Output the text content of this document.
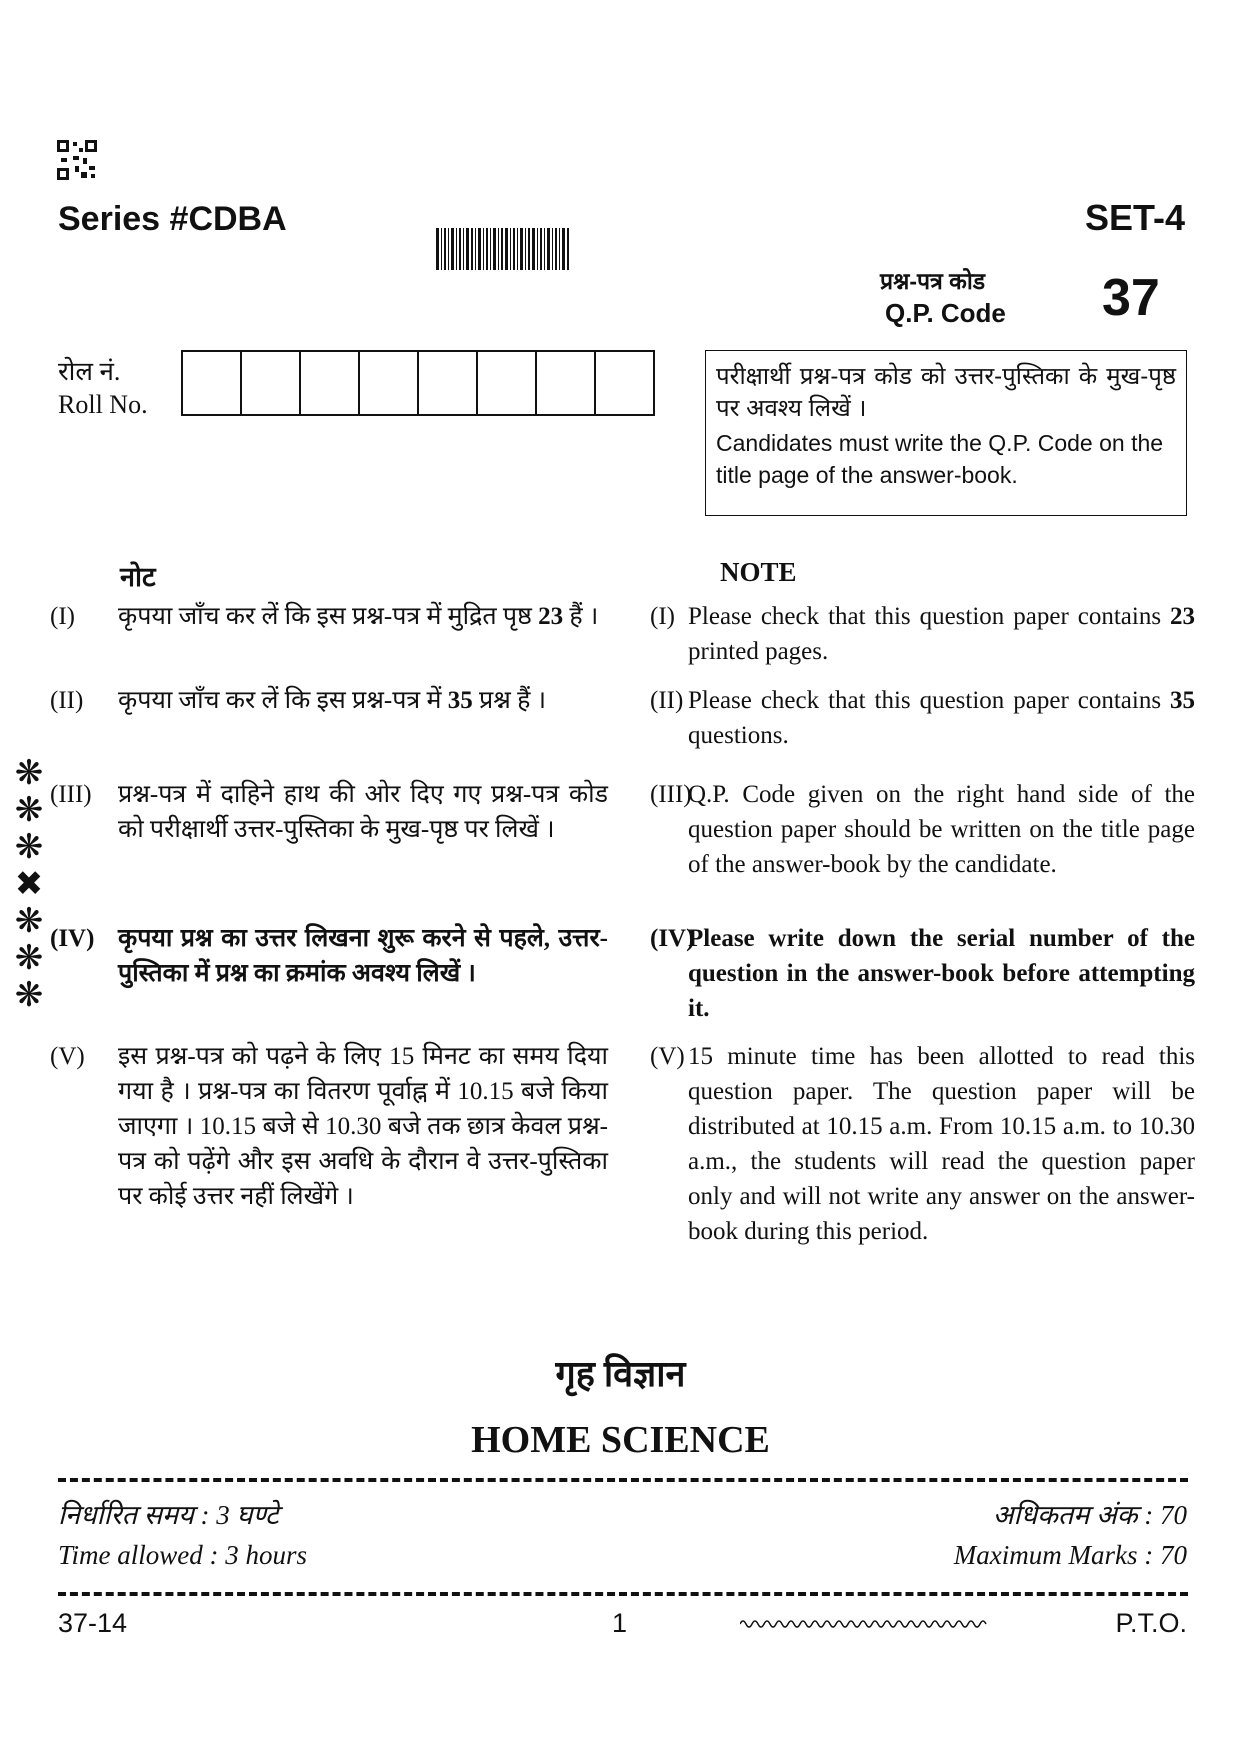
Series #CDBA	SET-4
प्रश्न-पत्र कोड
Q.P. Code 37
रोल नं.
Roll No.
परीक्षार्थी प्रश्न-पत्र कोड को उत्तर-पुस्तिका के मुख-पृष्ठ पर अवश्य लिखें ।
Candidates must write the Q.P. Code on the title page of the answer-book.
❋
❋
❋
✖
❋
❋
❋
नोट
(I)	कृपया जाँच कर लें कि इस प्रश्न-पत्र में मुद्रित पृष्ठ 23 हैं ।
(II)	कृपया जाँच कर लें कि इस प्रश्न-पत्र में 35 प्रश्न हैं ।
(III)	प्रश्न-पत्र में दाहिने हाथ की ओर दिए गए प्रश्न-पत्र कोड को परीक्षार्थी उत्तर-पुस्तिका के मुख-पृष्ठ पर लिखें ।
(IV) कृपया प्रश्न का उत्तर लिखना शुरू करने से पहले, उत्तर-पुस्तिका में प्रश्न का क्रमांक अवश्य लिखें ।
(V)	इस प्रश्न-पत्र को पढ़ने के लिए 15 मिनट का समय दिया गया है । प्रश्न-पत्र का वितरण पूर्वाह्न में 10.15 बजे किया जाएगा । 10.15 बजे से 10.30 बजे तक छात्र केवल प्रश्न-पत्र को पढ़ेंगे और इस अवधि के दौरान वे उत्तर-पुस्तिका पर कोई उत्तर नहीं लिखेंगे ।
NOTE
(I) Please check that this question paper contains 23 printed pages.
(II) Please check that this question paper contains 35 questions.
(III)
Q.P. Code given on the right hand side of the question paper should be written on the title page of the answer-book by the candidate.
(IV)
Please write down the serial number of the question in the answer-book before attempting it.
(V) 15 minute time has been allotted to read this question paper. The question paper will be distributed at 10.15 a.m. From 10.15 a.m. to 10.30 a.m., the students will read the question paper only and will not write any answer on the answer-book during this period.
गृह विज्ञान
HOME SCIENCE
निर्धारित समय : 3 घण्टे
Time allowed : 3 hours
अधिकतम अंक : 70
Maximum Marks : 70
37-14	1	P.T.O.
